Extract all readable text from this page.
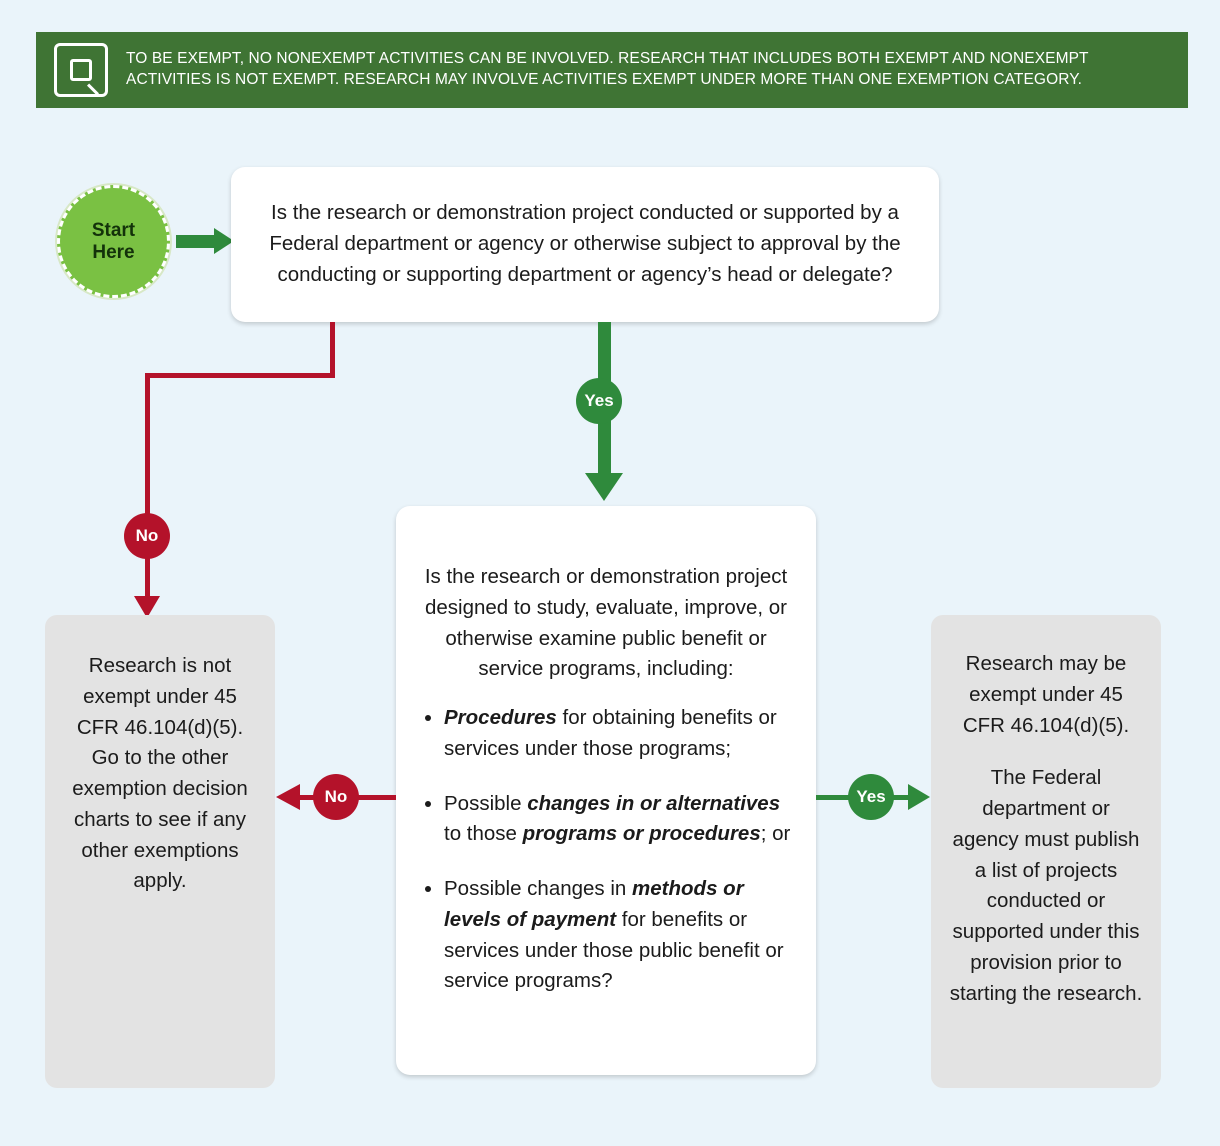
TO BE EXEMPT, NO NONEXEMPT ACTIVITIES CAN BE INVOLVED. RESEARCH THAT INCLUDES BOTH EXEMPT AND NONEXEMPT ACTIVITIES IS NOT EXEMPT. RESEARCH MAY INVOLVE ACTIVITIES EXEMPT UNDER MORE THAN ONE EXEMPTION CATEGORY.
Start
Here
Is the research or demonstration project conducted or supported by a Federal department or agency or otherwise subject to approval by the conducting or supporting department or agency’s head or delegate?
No
Yes
Is the research or demonstration project designed to study, evaluate, improve, or otherwise examine public benefit or service programs, including:
• Procedures for obtaining benefits or services under those programs;
• Possible changes in or alternatives to those programs or procedures; or
• Possible changes in methods or levels of payment for benefits or services under those public benefit or service programs?
No	Yes
Research is not exempt under 45 CFR 46.104(d)(5). Go to the other exemption decision charts to see if any other exemptions apply.

Research may be exempt under 45 CFR 46.104(d)(5).

The Federal department or agency must publish a list of projects conducted or supported under this provision prior to starting the research.
